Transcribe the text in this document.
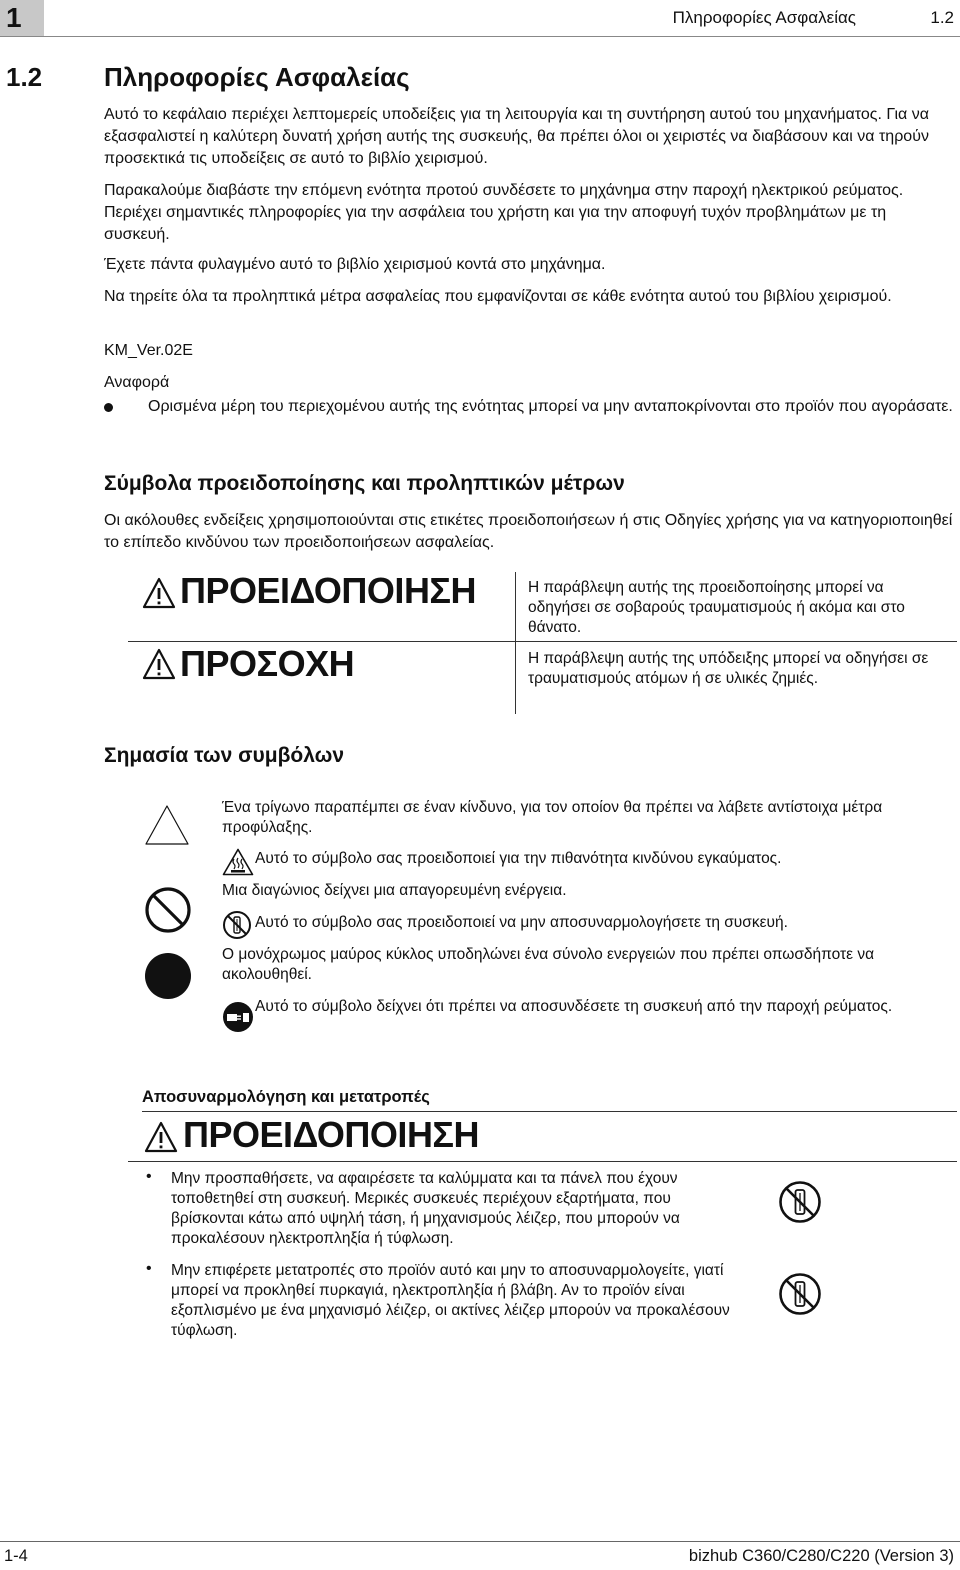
1	Πληροφορίες Ασφαλείας	1.2
1.2 Πληροφορίες Ασφαλείας
Αυτό το κεφάλαιο περιέχει λεπτομερείς υποδείξεις για τη λειτουργία και τη συντήρηση αυτού του μηχανήματος. Για να εξασφαλιστεί η καλύτερη δυνατή χρήση αυτής της συσκευής, θα πρέπει όλοι οι χειριστές να διαβάσουν και να τηρούν προσεκτικά τις υποδείξεις σε αυτό το βιβλίο χειρισμού.
Παρακαλούμε διαβάστε την επόμενη ενότητα προτού συνδέσετε το μηχάνημα στην παροχή ηλεκτρικού ρεύματος. Περιέχει σημαντικές πληροφορίες για την ασφάλεια του χρήστη και για την αποφυγή τυχόν προβλημάτων με τη συσκευή.
Έχετε πάντα φυλαγμένο αυτό το βιβλίο χειρισμού κοντά στο μηχάνημα.
Να τηρείτε όλα τα προληπτικά μέτρα ασφαλείας που εμφανίζονται σε κάθε ενότητα αυτού του βιβλίου χειρισμού.
KM_Ver.02E
Αναφορά
Ορισμένα μέρη του περιεχομένου αυτής της ενότητας μπορεί να μην ανταποκρίνονται στο προϊόν που αγοράσατε.
Σύμβολα προειδοποίησης και προληπτικών μέτρων
Οι ακόλουθες ενδείξεις χρησιμοποιούνται στις ετικέτες προειδοποιήσεων ή στις Οδηγίες χρήσης για να κατηγοριοποιηθεί το επίπεδο κινδύνου των προειδοποιήσεων ασφαλείας.
ΠΡΟΕΙΔΟΠΟΙΗΣΗ	Η παράβλεψη αυτής της προειδοποίησης μπορεί να οδηγήσει σε σοβαρούς τραυματισμούς ή ακόμα και στο θάνατο.
ΠΡΟΣΟΧΗ	Η παράβλεψη αυτής της υπόδειξης μπορεί να οδηγήσει σε τραυματισμούς ατόμων ή σε υλικές ζημιές.
Σημασία των συμβόλων
Ένα τρίγωνο παραπέμπει σε έναν κίνδυνο, για τον οποίον θα πρέπει να λάβετε αντίστοιχα μέτρα προφύλαξης.
Αυτό το σύμβολο σας προειδοποιεί για την πιθανότητα κινδύνου εγκαύματος.
Μια διαγώνιος δείχνει μια απαγορευμένη ενέργεια.
Αυτό το σύμβολο σας προειδοποιεί να μην αποσυναρμολογήσετε τη συσκευή.
Ο μονόχρωμος μαύρος κύκλος υποδηλώνει ένα σύνολο ενεργειών που πρέπει οπωσδήποτε να ακολουθηθεί.
Αυτό το σύμβολο δείχνει ότι πρέπει να αποσυνδέσετε τη συσκευή από την παροχή ρεύματος.
Αποσυναρμολόγηση και μετατροπές
ΠΡΟΕΙΔΟΠΟΙΗΣΗ
• Μην προσπαθήσετε, να αφαιρέσετε τα καλύμματα και τα πάνελ που έχουν τοποθετηθεί στη συσκευή. Μερικές συσκευές περιέχουν εξαρτήματα, που βρίσκονται κάτω από υψηλή τάση, ή μηχανισμούς λέιζερ, που μπορούν να προκαλέσουν ηλεκτροπληξία ή τύφλωση.
• Μην επιφέρετε μετατροπές στο προϊόν αυτό και μην το αποσυναρμολογείτε, γιατί μπορεί να προκληθεί πυρκαγιά, ηλεκτροπληξία ή βλάβη. Αν το προϊόν είναι εξοπλισμένο με ένα μηχανισμό λέιζερ, οι ακτίνες λέιζερ μπορούν να προκαλέσουν τύφλωση.
1-4	bizhub C360/C280/C220 (Version 3)
